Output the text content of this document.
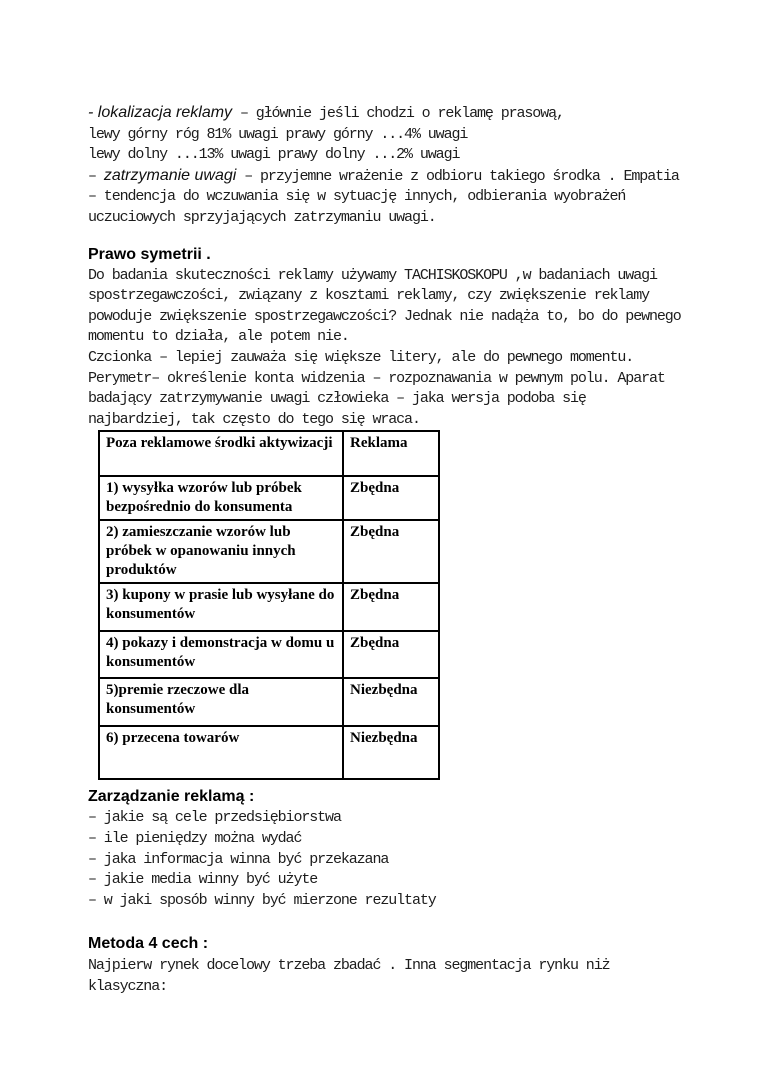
- lokalizacja reklamy – głównie jeśli chodzi o reklamę prasową,
lewy górny róg 81% uwagi prawy górny ...4% uwagi
lewy dolny ...13% uwagi prawy dolny ...2% uwagi
– zatrzymanie uwagi – przyjemne wrażenie z odbioru takiego środka . Empatia
– tendencja do wczuwania się w sytuację innych, odbierania wyobrażeń
uczuciowych sprzyjających zatrzymaniu uwagi.
Prawo symetrii .
Do badania skuteczności reklamy używamy TACHISKOSKOPU ,w badaniach uwagi
spostrzegawczości, związany z kosztami reklamy, czy zwiększenie reklamy
powoduje zwiększenie spostrzegawczości? Jednak nie nadąża to, bo do pewnego
momentu to działa, ale potem nie.
Czcionka – lepiej zauważa się większe litery, ale do pewnego momentu.
Perymetr– określenie konta widzenia – rozpoznawania w pewnym polu. Aparat
badający zatrzymywanie uwagi człowieka – jaka wersja podoba się
najbardziej, tak często do tego się wraca.
Poza reklamowe środki aktywizacji	Reklama
1) wysyłka wzorów lub próbek bezpośrednio do konsumenta	Zbędna
2) zamieszczanie wzorów lub próbek w opanowaniu innych produktów	Zbędna
3) kupony w prasie lub wysyłane do konsumentów	Zbędna
4) pokazy i demonstracja w domu u konsumentów	Zbędna
5)premie rzeczowe dla konsumentów	Niezbędna
6) przecena towarów	Niezbędna
Zarządzanie reklamą :
– jakie są cele przedsiębiorstwa
– ile pieniędzy można wydać
– jaka informacja winna być przekazana
– jakie media winny być użyte
– w jaki sposób winny być mierzone rezultaty
Metoda 4 cech :
Najpierw rynek docelowy trzeba zbadać . Inna segmentacja rynku niż
klasyczna:
